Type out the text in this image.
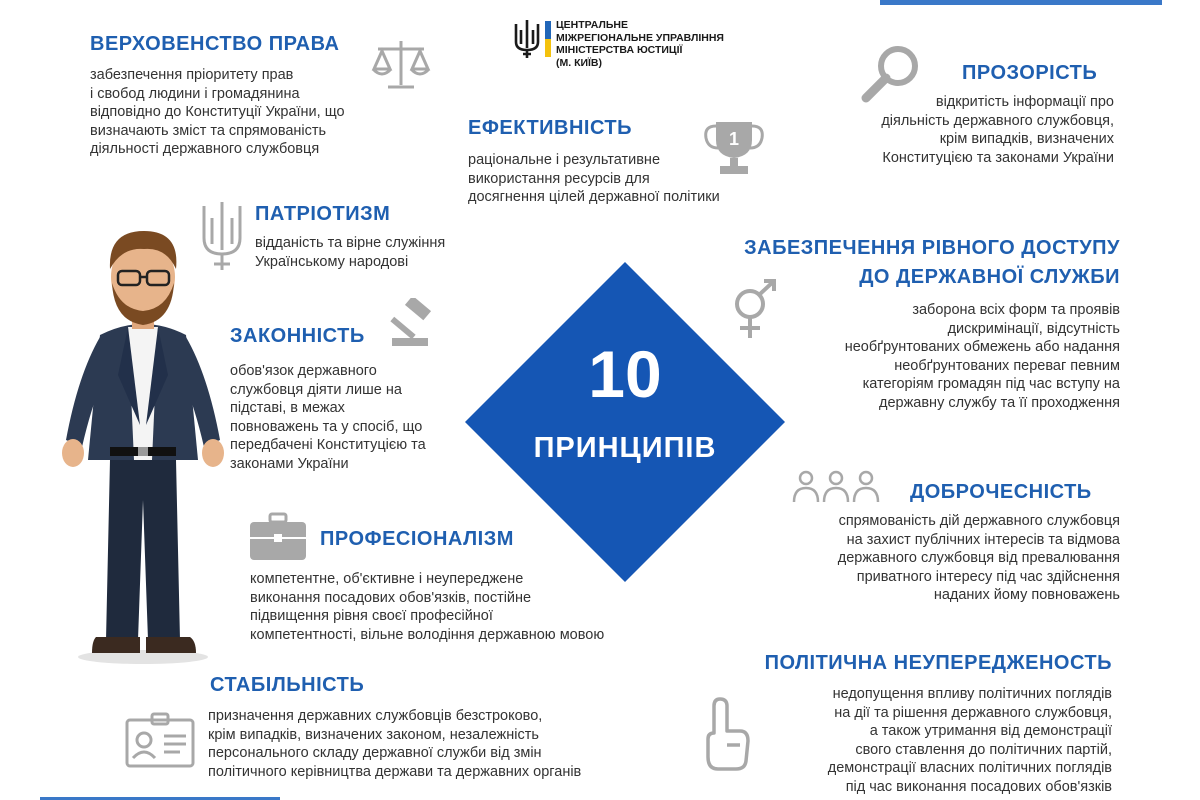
ЦЕНТРАЛЬНЕ
МІЖРЕГІОНАЛЬНЕ УПРАВЛІННЯ
МІНІСТЕРСТВА ЮСТИЦІЇ
(М. КИЇВ)
10
ПРИНЦИПІВ
ВЕРХОВЕНСТВО ПРАВА
забезпечення пріоритету прав
і свобод людини і громадянина
відповідно до Конституції України, що
визначають зміст та спрямованість
діяльності державного службовця	1
ЕФЕКТИВНІСТЬ
раціональне і результативне
використання ресурсів для
досягнення цілей державної політики
ПРОЗОРІСТЬ
відкритість інформації про
діяльність державного службовця,
крім випадків, визначених
Конституцією та законами України
ПАТРІОТИЗМ
відданість та вірне служіння
Українському народові
ЗАБЕЗПЕЧЕННЯ РІВНОГО ДОСТУПУ
ДО ДЕРЖАВНОЇ СЛУЖБИ
заборона всіх форм та проявів
дискримінації, відсутність
необґрунтованих обмежень або надання
необґрунтованих переваг певним
категоріям громадян під час вступу на
державну службу та її проходження
ЗАКОННІСТЬ
обов'язок державного
службовця діяти лише на
підставі, в межах
повноважень та у спосіб, що
передбачені Конституцією та
законами України
ДОБРОЧЕСНІСТЬ
спрямованість дій державного службовця
на захист публічних інтересів та відмова
державного службовця від превалювання
приватного інтересу під час здійснення
наданих йому повноважень
ПРОФЕСІОНАЛІЗМ
компетентне, об'єктивне і неупереджене
виконання посадових обов'язків, постійне
підвищення рівня своєї професійної
компетентності, вільне володіння державною мовою
ПОЛІТИЧНА НЕУПЕРЕДЖЕНОСТЬ
недопущення впливу політичних поглядів
на дії та рішення державного службовця,
а також утримання від демонстрації
свого ставлення до політичних партій,
демонстрації власних політичних поглядів
під час виконання посадових обов'язків
СТАБІЛЬНІСТЬ
призначення державних службовців безстроково,
крім випадків, визначених законом, незалежність
персонального складу державної служби від змін
політичного керівництва держави та державних органів
